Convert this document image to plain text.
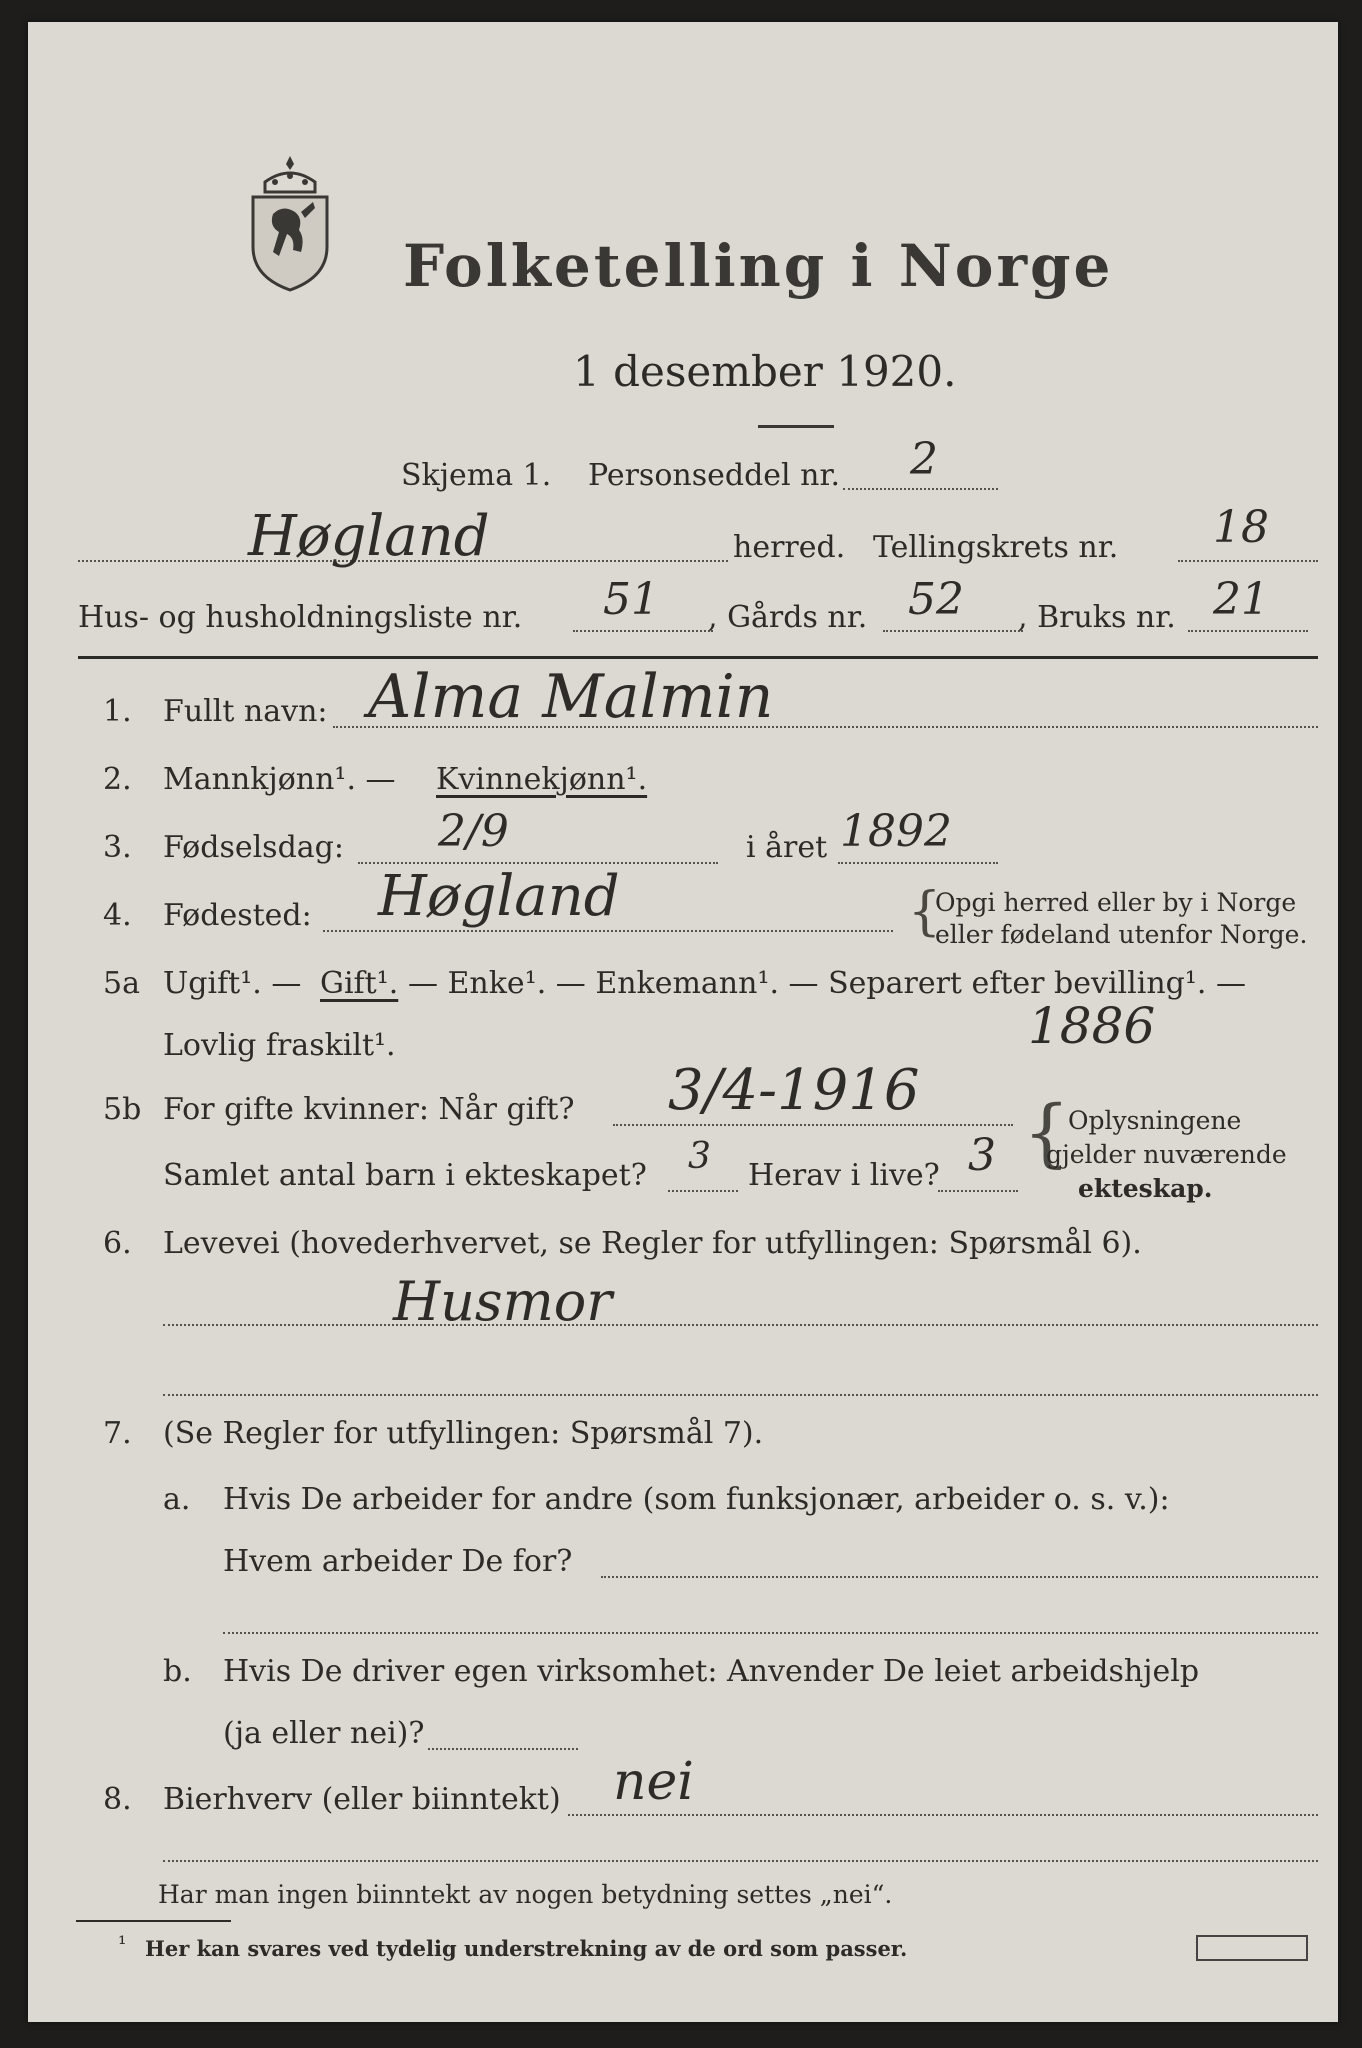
Folketelling i Norge
1 desember 1920.
Skjema 1. Personseddel nr. 2
Høgland	herred. Tellingskrets nr. 18
Hus- og husholdningsliste nr. 51 , Gårds nr. 52 , Bruks nr. 21
1. Fullt navn: Alma Malmin
2. Mannkjønn¹. — Kvinnekjønn¹.
3. Fødselsdag: 2/9	i året 1892
4. Fødested: Høgland	{
Opgi herred eller by i Norge
eller fødeland utenfor Norge.
5a Ugift¹. — Gift¹. — Enke¹. — Enkemann¹. — Separert efter bevilling¹. —
Lovlig fraskilt¹.	1886
5b For gifte kvinner: Når gift? 3/4-1916
Samlet antal barn i ekteskapet? 3 Herav i live? 3 {
Oplysningene
gjelder nuværende
ekteskap.
6. Levevei (hovederhvervet, se Regler for utfyllingen: Spørsmål 6).
Husmor
7. (Se Regler for utfyllingen: Spørsmål 7).
a. Hvis De arbeider for andre (som funksjonær, arbeider o. s. v.):
Hvem arbeider De for?
b. Hvis De driver egen virksomhet: Anvender De leiet arbeidshjelp
(ja eller nei)?
8. Bierhverv (eller biinntekt) nei
Har man ingen biinntekt av nogen betydning settes „nei“.
¹ Her kan svares ved tydelig understrekning av de ord som passer.
